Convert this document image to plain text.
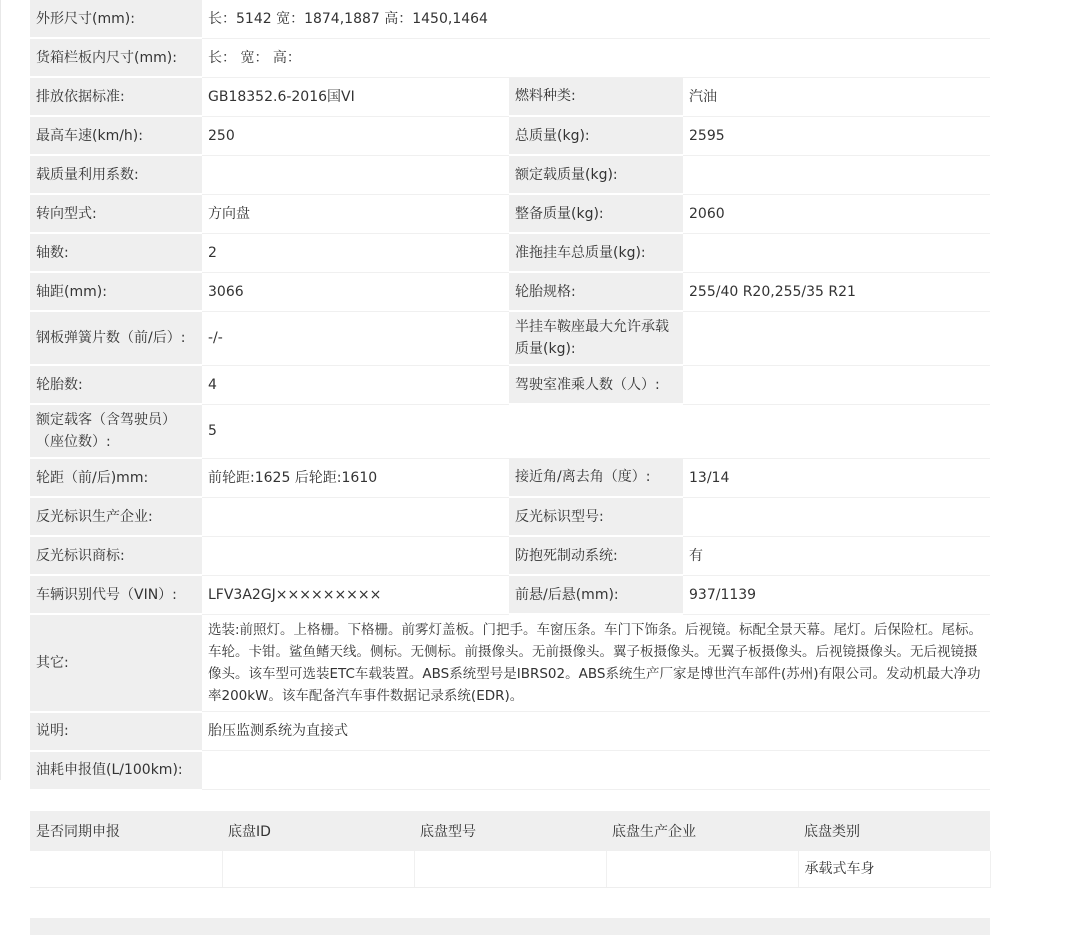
外形尺寸(mm):	长：5142 宽：1874,1887 高：1450,1464		
货箱栏板内尺寸(mm):	长： 宽： 高：		
排放依据标准:	GB18352.6-2016国VI	燃料种类:	汽油
最高车速(km/h):	250	总质量(kg):	2595
载质量利用系数:		额定载质量(kg):	
转向型式:	方向盘	整备质量(kg):	2060
轴数:	2	准拖挂车总质量(kg):	
轴距(mm):	3066	轮胎规格:	255/40 R20,255/35 R21
钢板弹簧片数（前/后）:	-/-	半挂车鞍座最大允许承载质量(kg):	
轮胎数:	4	驾驶室准乘人数（人）:	
额定载客（含驾驶员）（座位数）:	5		
轮距（前/后)mm:	前轮距:1625 后轮距:1610	接近角/离去角（度）:	13/14
反光标识生产企业:		反光标识型号:	
反光标识商标:		防抱死制动系统:	有
车辆识别代号（VIN）:	LFV3A2GJ×××××××××	前悬/后悬(mm):	937/1139
其它:	选装:前照灯。上格栅。下格栅。前雾灯盖板。门把手。车窗压条。车门下饰条。后视镜。标配全景天幕。尾灯。后保险杠。尾标。车轮。卡钳。鲨鱼鳍天线。侧标。无侧标。前摄像头。无前摄像头。翼子板摄像头。无翼子板摄像头。后视镜摄像头。无后视镜摄像头。该车型可选装ETC车载装置。ABS系统型号是IBRS02。ABS系统生产厂家是博世汽车部件(苏州)有限公司。发动机最大净功率200kW。该车配备汽车事件数据记录系统(EDR)。		
说明:	胎压监测系统为直接式		
油耗申报值(L/100km):			
是否同期申报	底盘ID	底盘型号	底盘生产企业	底盘类别
				承载式车身
